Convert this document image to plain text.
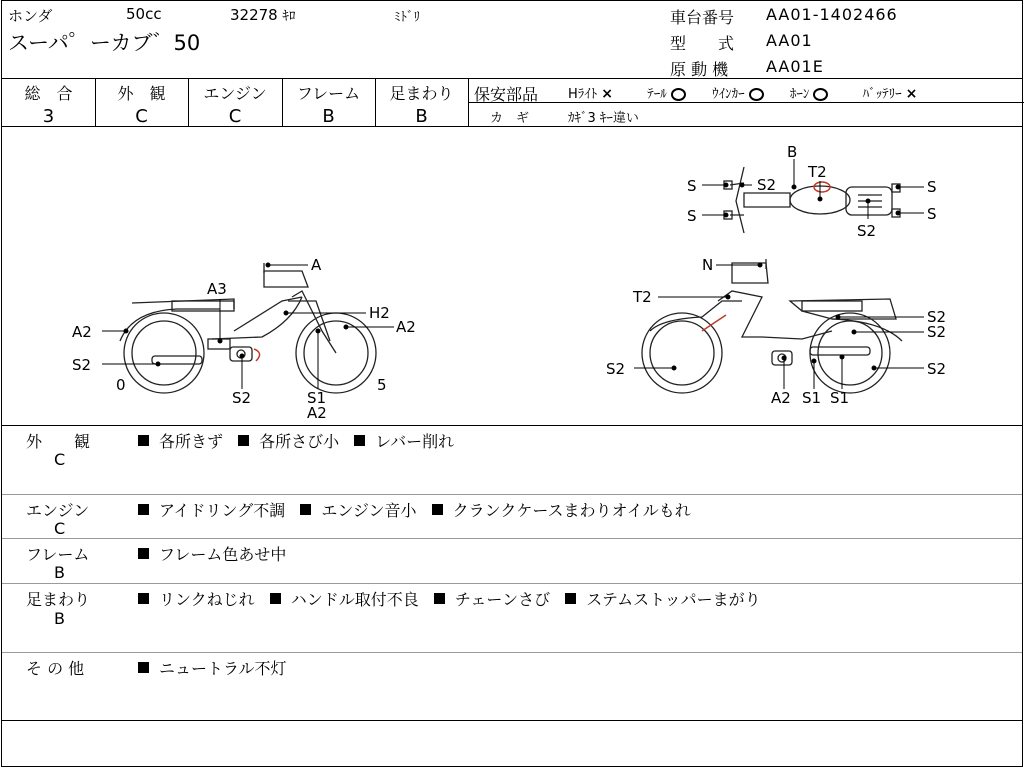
ホンダ	50cc	32278 ｷﾛ	ﾐﾄﾞﾘ
スーパ゜ーカブ゛50
車台番号 AA01-1402466
型　　式 AA01
原 動 機 AA01E
総　合
3
外　観
C
エンジン
C
フレーム
B
足まわり
B
保安部品 Hﾗｲﾄ ×	ﾃｰﾙ	ｳｲﾝｶｰ	ﾎｰﾝ	ﾊﾞｯﾃﾘｰ ×
カ　ギ	ｶｷﾞ3 ｷｰ違い
B
T2
S	S2
S
S
S
S2
A
A3
H2
A2
A2
S2
0
S2	S1
A2
5
N
T2
S2
S2
S2
S2
A2 S1 S1
外　　観
C
各所きず 各所さび小 レバー削れ
エンジン
C
アイドリング不調 エンジン音小 クランクケースまわりオイルもれ
フレーム
B
フレーム色あせ中
足まわり
B
リンクねじれ ハンドル取付不良 チェーンさび ステムストッパーまがり
そ の 他	ニュートラル不灯
